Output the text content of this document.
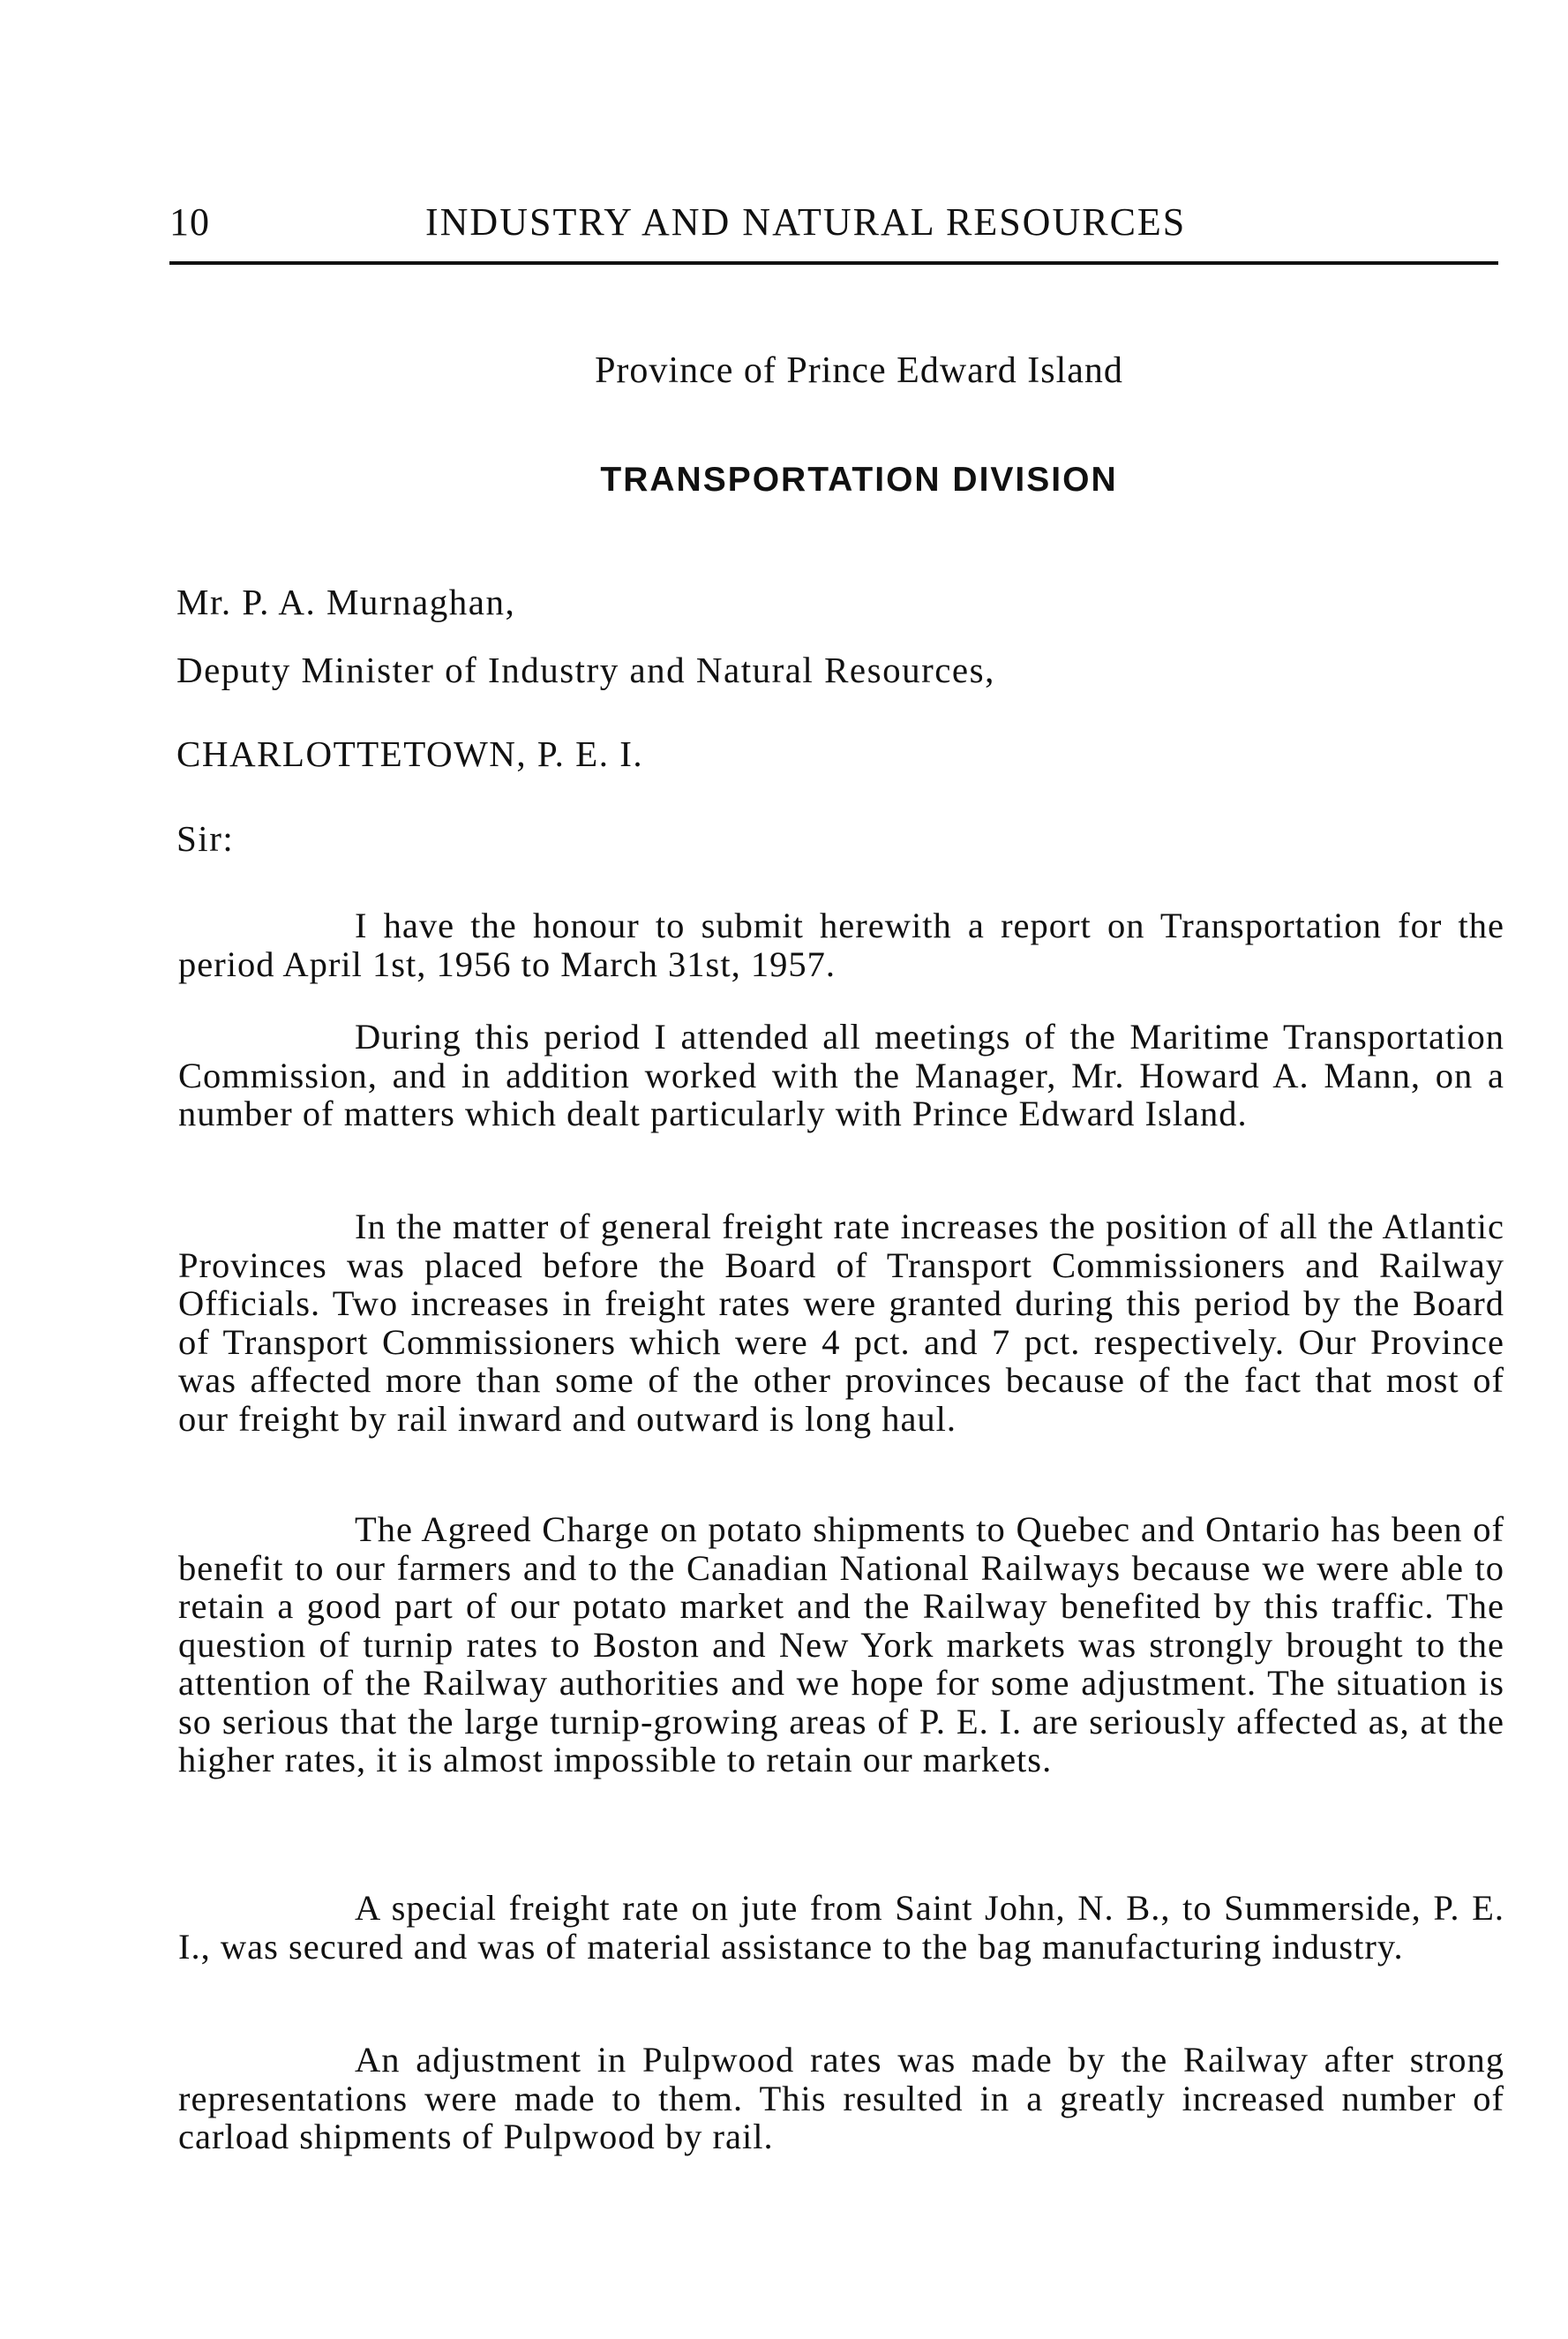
10	INDUSTRY AND NATURAL RESOURCES
Province of Prince Edward Island
TRANSPORTATION DIVISION
Mr. P. A. Murnaghan,
Deputy Minister of Industry and Natural Resources,
CHARLOTTETOWN, P. E. I.
Sir:

I have the honour to submit herewith a report on Transportation for the period April 1st, 1956 to March 31st, 1957.

During this period I attended all meetings of the Maritime Transportation Commission, and in addition worked with the Manager, Mr. Howard A. Mann, on a number of matters which dealt particularly with Prince Edward Island.

In the matter of general freight rate increases the position of all the Atlantic Provinces was placed before the Board of Transport Commissioners and Railway Officials. Two increases in freight rates were granted during this period by the Board of Transport Commissioners which were 4 pct. and 7 pct. respectively. Our Province was affected more than some of the other provinces because of the fact that most of our freight by rail inward and outward is long haul.

The Agreed Charge on potato shipments to Quebec and Ontario has been of benefit to our farmers and to the Canadian National Railways because we were able to retain a good part of our potato market and the Railway benefited by this traffic. The question of turnip rates to Boston and New York markets was strongly brought to the attention of the Railway authorities and we hope for some adjustment. The situation is so serious that the large turnip-growing areas of P. E. I. are seriously affected as, at the higher rates, it is almost impossible to retain our markets.

A special freight rate on jute from Saint John, N. B., to Summerside, P. E. I., was secured and was of material assistance to the bag manufacturing industry.

An adjustment in Pulpwood rates was made by the Railway after strong representations were made to them. This resulted in a greatly increased number of carload shipments of Pulpwood by rail.
